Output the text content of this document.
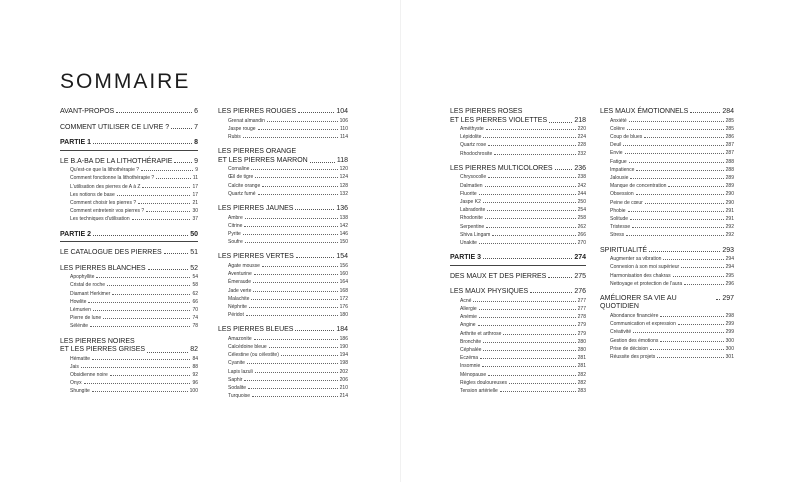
SOMMAIRE
AVANT-PROPOS	6
COMMENT UTILISER CE LIVRE ?	7
PARTIE 1	8
LE B.A-BA DE LA LITHOTHÉRAPIE	9
Qu'est-ce que la lithothérapie ?	9
Comment fonctionne la lithothérapie ?	11
L'utilisation des pierres de A à Z	17
Les notions de base	17
Comment choisir les pierres ?	21
Comment entretenir vos pierres ?	30
Les techniques d'utilisation	37
PARTIE 2	50
LE CATALOGUE DES PIERRES	51
LES PIERRES BLANCHES	52
Apophyllite	54
Cristal de roche	58
Diamant Herkimer	62
Howlite	66
Lémurien	70
Pierre de lune	74
Sélénite	78
LES PIERRES NOIRES
ET LES PIERRES GRISES	82
Hématite	84
Jais	88
Obsidienne noire	92
Onyx	96
Shungite	100
LES PIERRES ROUGES	104
Grenat almandin	106
Jaspe rouge	110
Rubis	114
LES PIERRES ORANGE
ET LES PIERRES MARRON	118
Cornaline	120
Œil de tigre	124
Calcite orange	128
Quartz fumé	132
LES PIERRES JAUNES	136
Ambre	138
Citrine	142
Pyrite	146
Soufre	150
LES PIERRES VERTES	154
Agate mousse	156
Aventurine	160
Émeraude	164
Jade verte	168
Malachite	172
Néphrite	176
Péridot	180
LES PIERRES BLEUES	184
Amazonite	186
Calcédoine bleue	190
Célestine (ou célestite)	194
Cyanite	198
Lapis lazuli	202
Saphir	206
Sodalite	210
Turquoise	214
LES PIERRES ROSES
ET LES PIERRES VIOLETTES	218
Améthyste	220
Lépidolite	224
Quartz rose	228
Rhodochrosite	232
LES PIERRES MULTICOLORES	236
Chrysocolle	238
Dalmatien	242
Fluorite	244
Jaspe K2	250
Labradorite	254
Rhodonite	258
Serpentine	262
Shiva Lingam	266
Unakite	270
PARTIE 3	274
DES MAUX ET DES PIERRES	275
LES MAUX PHYSIQUES	276
Acné	277
Allergie	277
Anémie	278
Angine	279
Arthrite et arthrose	279
Bronchite	280
Céphalée	280
Eczéma	281
Insomnie	281
Ménopause	282
Règles douloureuses	282
Tension artérielle	283
LES MAUX ÉMOTIONNELS	284
Anxiété	285
Colère	285
Coup de blues	286
Deuil	287
Envie	287
Fatigue	288
Impatience	288
Jalousie	289
Manque de concentration	289
Obsession	290
Peine de cœur	290
Phobie	291
Solitude	291
Tristesse	292
Stress	292
SPIRITUALITÉ	293
Augmenter sa vibration	294
Connexion à son moi supérieur	294
Harmonisation des chakras	295
Nettoyage et protection de l'aura	296
AMÉLIORER SA VIE AU QUOTIDIEN
297
Abondance financière	298
Communication et expression	299
Créativité	299
Gestion des émotions	300
Prise de décision	300
Réussite des projets	301
